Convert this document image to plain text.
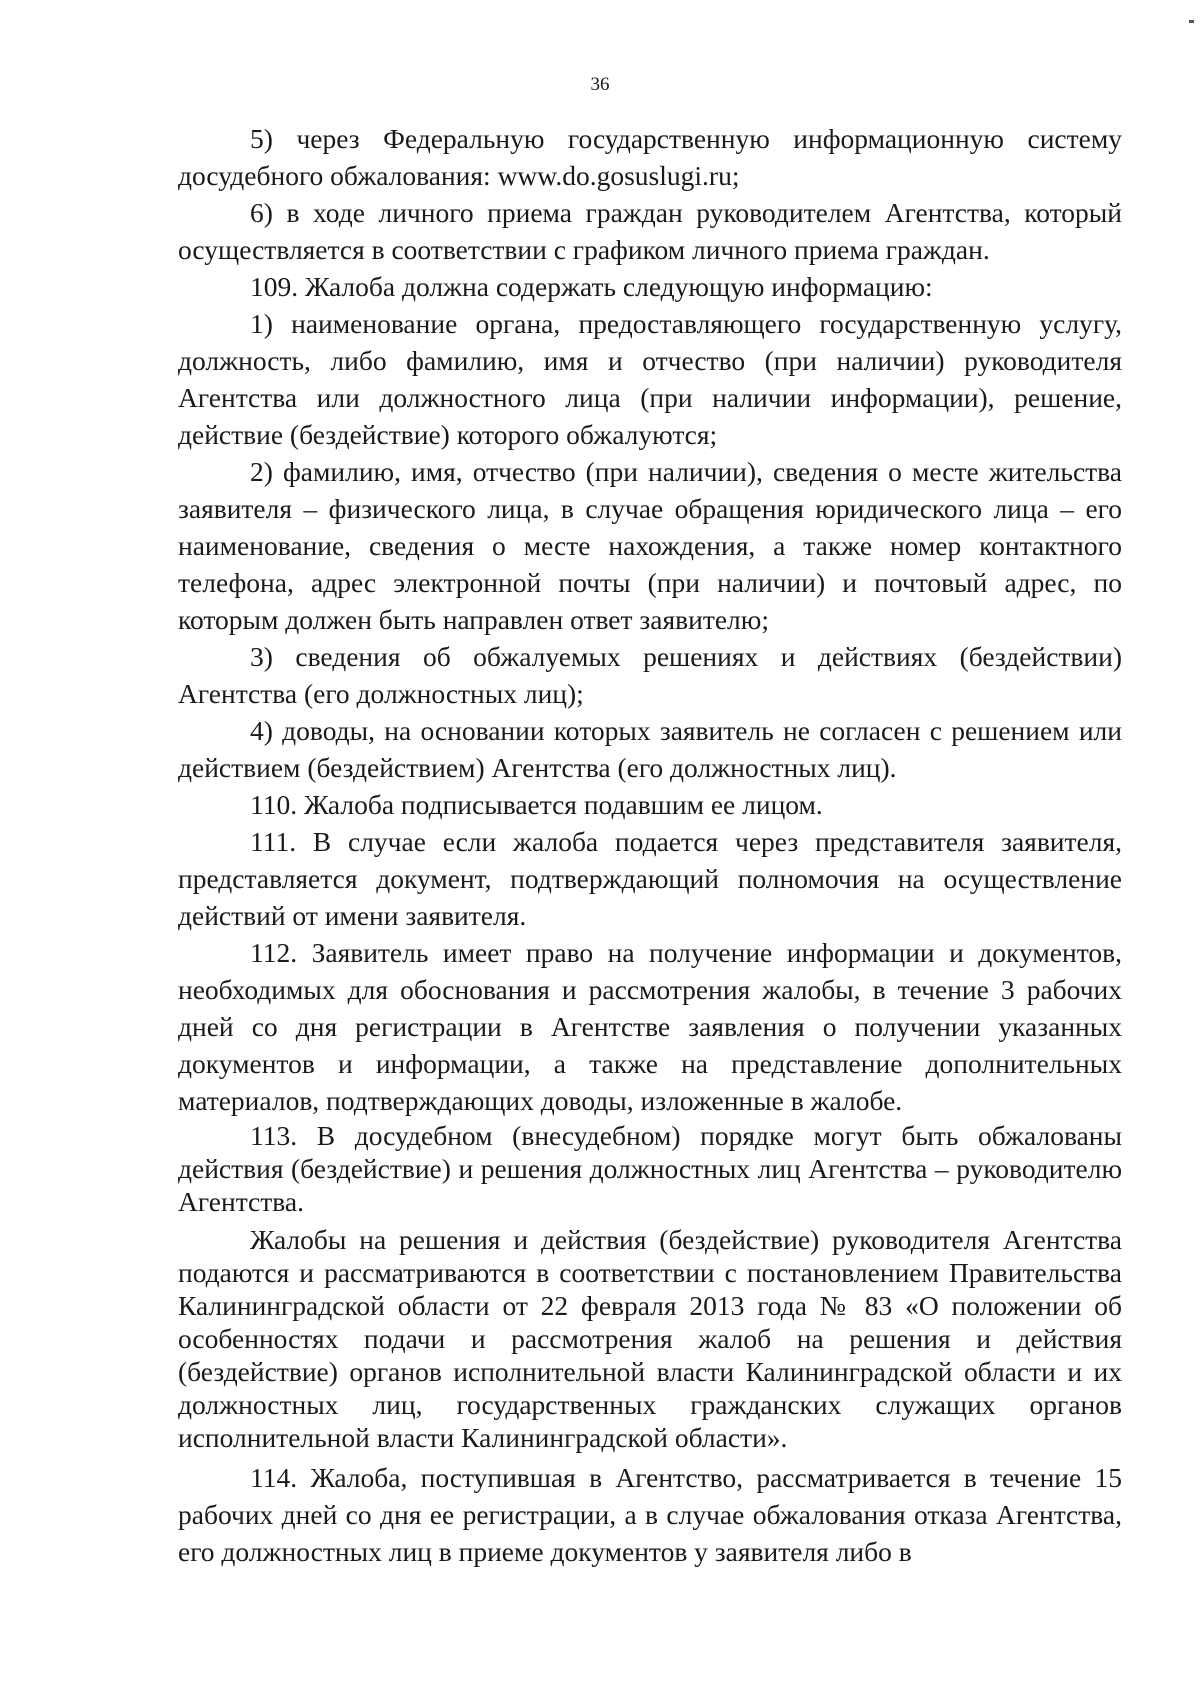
36

5) через Федеральную государственную информационную систему досудебного обжалования: www.do.gosuslugi.ru;

6) в ходе личного приема граждан руководителем Агентства, который осуществляется в соответствии с графиком личного приема граждан.

109. Жалоба должна содержать следующую информацию:

1) наименование органа, предоставляющего государственную услугу, должность, либо фамилию, имя и отчество (при наличии) руководителя Агентства или должностного лица (при наличии информации), решение, действие (бездействие) которого обжалуются;

2) фамилию, имя, отчество (при наличии), сведения о месте жительства заявителя – физического лица, в случае обращения юридического лица – его наименование, сведения о месте нахождения, а также номер контактного телефона, адрес электронной почты (при наличии) и почтовый адрес, по которым должен быть направлен ответ заявителю;

3) сведения об обжалуемых решениях и действиях (бездействии) Агентства (его должностных лиц);

4) доводы, на основании которых заявитель не согласен с решением или действием (бездействием) Агентства (его должностных лиц).

110. Жалоба подписывается подавшим ее лицом.

111. В случае если жалоба подается через представителя заявителя, представляется документ, подтверждающий полномочия на осуществление действий от имени заявителя.

112. Заявитель имеет право на получение информации и документов, необходимых для обоснования и рассмотрения жалобы, в течение 3 рабочих дней со дня регистрации в Агентстве заявления о получении указанных документов и информации, а также на представление дополнительных материалов, подтверждающих доводы, изложенные в жалобе.

113. В досудебном (внесудебном) порядке могут быть обжалованы действия (бездействие) и решения должностных лиц Агентства – руководителю Агентства.

Жалобы на решения и действия (бездействие) руководителя Агентства подаются и рассматриваются в соответствии с постановлением Правительства Калининградской области от 22 февраля 2013 года № 83 «О положении об особенностях подачи и рассмотрения жалоб на решения и действия (бездействие) органов исполнительной власти Калининградской области и их должностных лиц, государственных гражданских служащих органов исполнительной власти Калининградской области».

114. Жалоба, поступившая в Агентство, рассматривается в течение 15 рабочих дней со дня ее регистрации, а в случае обжалования отказа Агентства, его должностных лиц в приеме документов у заявителя либо в
